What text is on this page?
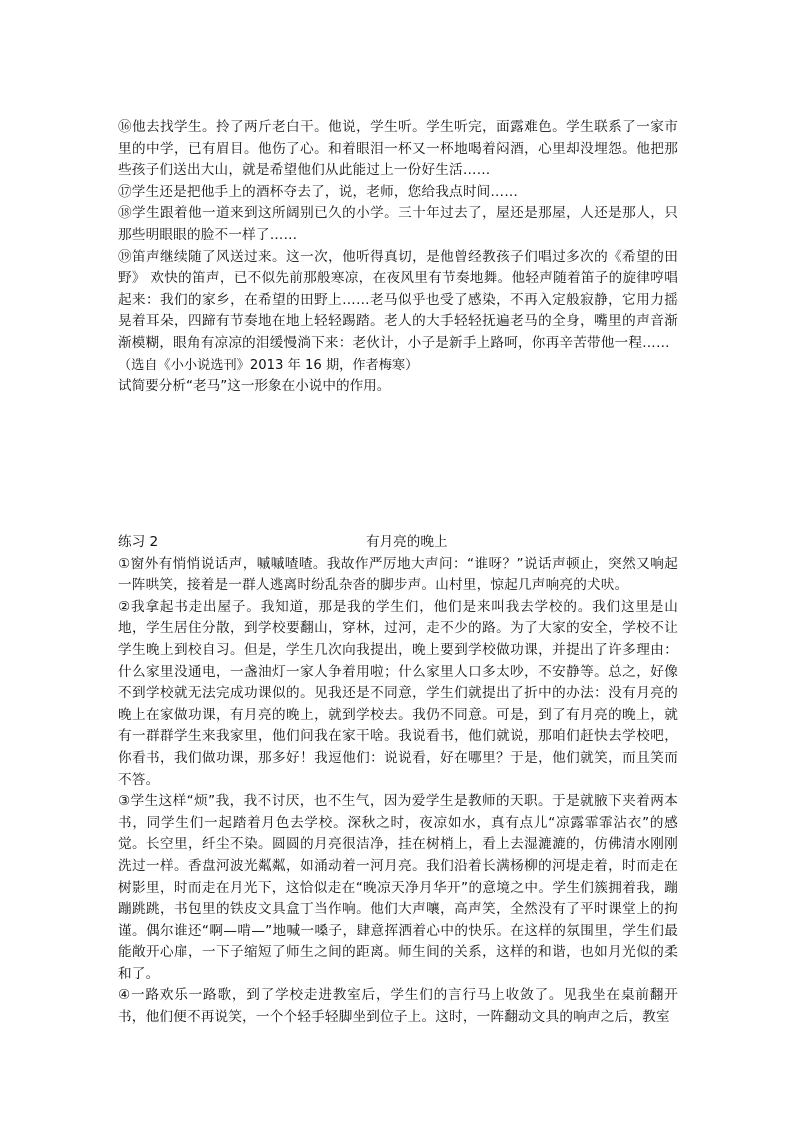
⑯他去找学生。拎了两斤老白干。他说，学生听。学生听完，面露难色。学生联系了一家市里的中学，已有眉目。他伤了心。和着眼泪一杯又一杯地喝着闷酒，心里却没埋怨。他把那些孩子们送出大山，就是希望他们从此能过上一份好生活……

⑰学生还是把他手上的酒杯夺去了，说，老师，您给我点时间……

⑱学生跟着他一道来到这所阔别已久的小学。三十年过去了，屋还是那屋，人还是那人，只那些明眼眼的脸不一样了……

⑲笛声继续随了风送过来。这一次，他听得真切，是他曾经教孩子们唱过多次的《希望的田野》 欢快的笛声，已不似先前那般寒凉，在夜风里有节奏地舞。他轻声随着笛子的旋律哼唱起来：我们的家乡，在希望的田野上……老马似乎也受了感染，不再入定般寂静，它用力摇晃着耳朵，四蹄有节奏地在地上轻轻踢踏。老人的大手轻轻抚遍老马的全身，嘴里的声音渐渐模糊，眼角有凉凉的泪缓慢淌下来：老伙计，小子是新手上路呵，你再辛苦带他一程……

（选自《小小说选刊》2013 年 16 期，作者梅寒）

试简要分析“老马”这一形象在小说中的作用。

练习 2	有月亮的晚上

①窗外有悄悄说话声，嘁嘁喳喳。我故作严厉地大声问：“谁呀？”说话声顿止，突然又响起一阵哄笑，接着是一群人逃离时纷乱杂沓的脚步声。山村里，惊起几声响亮的犬吠。

②我拿起书走出屋子。我知道，那是我的学生们，他们是来叫我去学校的。我们这里是山地，学生居住分散，到学校要翻山，穿林，过河，走不少的路。为了大家的安全，学校不让学生晚上到校自习。但是，学生几次向我提出，晚上要到学校做功课，并提出了许多理由：什么家里没通电，一盏油灯一家人争着用啦；什么家里人口多太吵，不安静等。总之，好像不到学校就无法完成功课似的。见我还是不同意，学生们就提出了折中的办法：没有月亮的晚上在家做功课，有月亮的晚上，就到学校去。我仍不同意。可是，到了有月亮的晚上，就有一群群学生来我家里，他们问我在家干啥。我说看书，他们就说，那咱们赶快去学校吧，你看书，我们做功课，那多好！我逗他们：说说看，好在哪里？于是，他们就笑，而且笑而不答。

③学生这样“烦”我，我不讨厌，也不生气，因为爱学生是教师的天职。于是就腋下夹着两本书，同学生们一起踏着月色去学校。深秋之时，夜凉如水，真有点儿“凉露霏霏沾衣”的感觉。长空里，纤尘不染。圆圆的月亮很洁净，挂在树梢上，看上去湿漉漉的，仿佛清水刚刚洗过一样。香盘河波光粼粼，如涌动着一河月亮。我们沿着长满杨柳的河堤走着，时而走在树影里，时而走在月光下，这恰似走在“晚凉天净月华开”的意境之中。学生们簇拥着我，蹦蹦跳跳，书包里的铁皮文具盒丁当作响。他们大声嚷，高声笑，全然没有了平时课堂上的拘谨。偶尔谁还“啊—啃—”地喊一嗓子，肆意挥洒着心中的快乐。在这样的氛围里，学生们最能敞开心扉，一下子缩短了师生之间的距离。师生间的关系，这样的和谐，也如月光似的柔和了。

④一路欢乐一路歌，到了学校走进教室后，学生们的言行马上收敛了。见我坐在桌前翻开书，他们便不再说笑，一个个轻手轻脚坐到位子上。这时，一阵翻动文具的响声之后，教室
